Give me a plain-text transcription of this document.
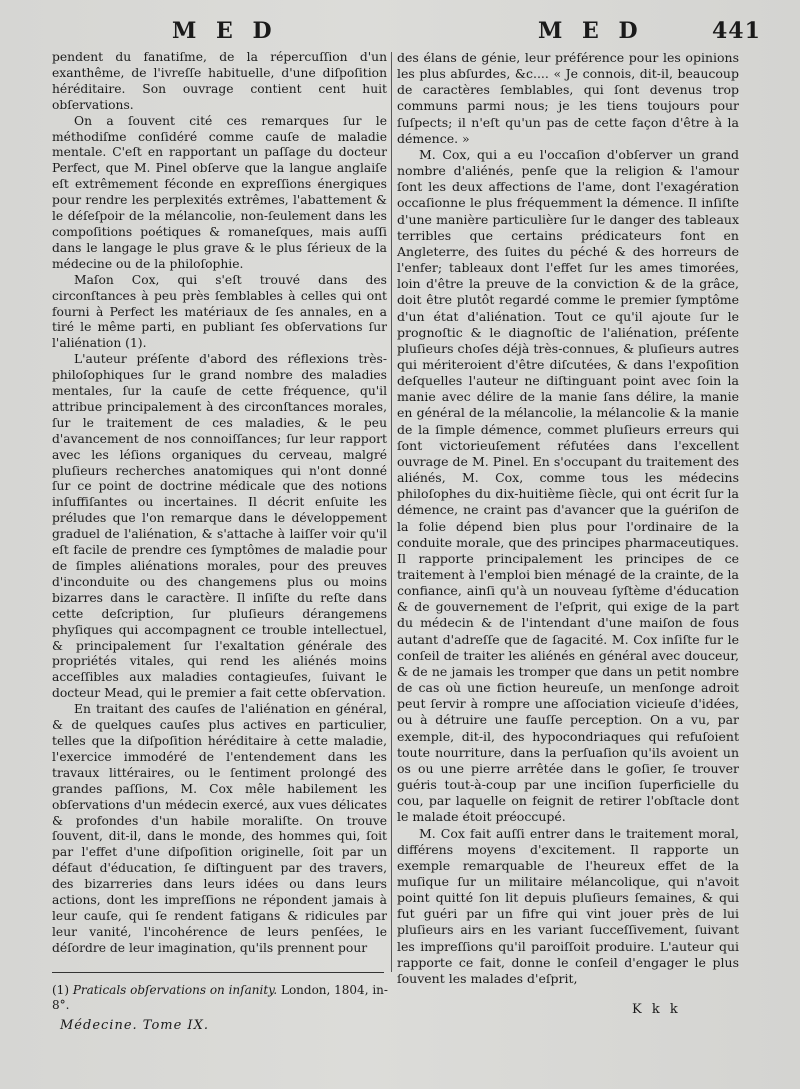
M E D	M E D	441

pendent du fanatiſme, de la répercuſſion d'un exanthême, de l'ivreſſe habituelle, d'une diſpoſition héréditaire. Son ouvrage contient cent huit obſervations.

On a ſouvent cité ces remarques ſur le méthodiſme conſidéré comme cauſe de maladie mentale. C'eſt en rapportant un paſſage du docteur Perfect, que M. Pinel obſerve que la langue anglaiſe eſt extrêmement féconde en expreſſions énergiques pour rendre les perplexités extrêmes, l'abattement & le déſeſpoir de la mélancolie, non-ſeulement dans les compoſitions poétiques & romaneſques, mais auſſi dans le langage le plus grave & le plus ſérieux de la médecine ou de la philoſophie.

Maſon Cox, qui s'eſt trouvé dans des circonſtances à peu près ſemblables à celles qui ont fourni à Perfect les matériaux de ſes annales, en a tiré le même parti, en publiant ſes obſervations ſur l'aliénation (1).

L'auteur préſente d'abord des réflexions très-philoſophiques ſur le grand nombre des maladies mentales, ſur la cauſe de cette fréquence, qu'il attribue principalement à des circonſtances morales, ſur le traitement de ces maladies, & le peu d'avancement de nos connoiſſances; ſur leur rapport avec les léſions organiques du cerveau, malgré pluſieurs recherches anatomiques qui n'ont donné ſur ce point de doctrine médicale que des notions inſuffiſantes ou incertaines. Il décrit enſuite les préludes que l'on remarque dans le développement graduel de l'aliénation, & s'attache à laiſſer voir qu'il eſt facile de prendre ces ſymptômes de maladie pour de ſimples aliénations morales, pour des preuves d'inconduite ou des changemens plus ou moins bizarres dans le caractère. Il inſiſte du reſte dans cette deſcription, ſur pluſieurs dérangemens phyſiques qui accompagnent ce trouble intellectuel, & principalement ſur l'exaltation générale des propriétés vitales, qui rend les aliénés moins acceſſibles aux maladies contagieuſes, ſuivant le docteur Mead, qui le premier a fait cette obſervation.

En traitant des cauſes de l'aliénation en général, & de quelques cauſes plus actives en particulier, telles que la diſpoſition héréditaire à cette maladie, l'exercice immodéré de l'entendement dans les travaux littéraires, ou le ſentiment prolongé des grandes paſſions, M. Cox mêle habilement les obſervations d'un médecin exercé, aux vues délicates & profondes d'un habile moraliſte. On trouve ſouvent, dit-il, dans le monde, des hommes qui, ſoit par l'effet d'une diſpoſition originelle, ſoit par un défaut d'éducation, ſe diſtinguent par des travers, des bizarreries dans leurs idées ou dans leurs actions, dont les impreſſions ne répondent jamais à leur cauſe, qui ſe rendent fatigans & ridicules par leur vanité, l'incohérence de leurs penſées, le déſordre de leur imagination, qu'ils prennent pour

des élans de génie, leur préférence pour les opinions les plus abſurdes, &c.... « Je connois, dit-il, beaucoup de caractères ſemblables, qui ſont devenus trop communs parmi nous; je les tiens toujours pour ſuſpects; il n'eſt qu'un pas de cette façon d'être à la démence. »

M. Cox, qui a eu l'occaſion d'obſerver un grand nombre d'aliénés, penſe que la religion & l'amour ſont les deux affections de l'ame, dont l'exagération occaſionne le plus fréquemment la démence. Il inſiſte d'une manière particulière ſur le danger des tableaux terribles que certains prédicateurs font en Angleterre, des ſuites du péché & des horreurs de l'enfer; tableaux dont l'effet ſur les ames timorées, loin d'être la preuve de la conviction & de la grâce, doit être plutôt regardé comme le premier ſymptôme d'un état d'aliénation. Tout ce qu'il ajoute ſur le prognoſtic & le diagnoſtic de l'aliénation, préſente pluſieurs choſes déjà très-connues, & pluſieurs autres qui mériteroient d'être diſcutées, & dans l'expoſition deſquelles l'auteur ne diſtinguant point avec ſoin la manie avec délire de la manie ſans délire, la manie en général de la mélancolie, la mélancolie & la manie de la ſimple démence, commet pluſieurs erreurs qui ſont victorieuſement réfutées dans l'excellent ouvrage de M. Pinel. En s'occupant du traitement des aliénés, M. Cox, comme tous les médecins philoſophes du dix-huitième ſiècle, qui ont écrit ſur la démence, ne craint pas d'avancer que la guériſon de la folie dépend bien plus pour l'ordinaire de la conduite morale, que des principes pharmaceutiques. Il rapporte principalement les principes de ce traitement à l'emploi bien ménagé de la crainte, de la confiance, ainſi qu'à un nouveau ſyſtème d'éducation & de gouvernement de l'eſprit, qui exige de la part du médecin & de l'intendant d'une maiſon de fous autant d'adreſſe que de ſagacité. M. Cox inſiſte fur le conſeil de traiter les aliénés en général avec douceur, & de ne jamais les tromper que dans un petit nombre de cas où une fiction heureuſe, un menſonge adroit peut ſervir à rompre une aſſociation vicieuſe d'idées, ou à détruire une fauſſe perception. On a vu, par exemple, dit-il, des hypocondriaques qui refuſoient toute nourriture, dans la perſuaſion qu'ils avoient un os ou une pierre arrêtée dans le goſier, ſe trouver guéris tout-à-coup par une inciſion ſuperficielle du cou, par laquelle on feignit de retirer l'obſtacle dont le malade étoit préoccupé.

M. Cox fait auſſi entrer dans le traitement moral, différens moyens d'excitement. Il rapporte un exemple remarquable de l'heureux effet de la muſique ſur un militaire mélancolique, qui n'avoit point quitté ſon lit depuis pluſieurs ſemaines, & qui fut guéri par un fifre qui vint jouer près de lui pluſieurs airs en les variant ſucceſſivement, ſuivant les impreſſions qu'il paroiſſoit produire. L'auteur qui rapporte ce fait, donne le conſeil d'engager le plus ſouvent les malades d'eſprit,

(1) Praticals obſervations on inſanity. London, 1804, in-8°.
Médecine. Tome IX.
K k k
